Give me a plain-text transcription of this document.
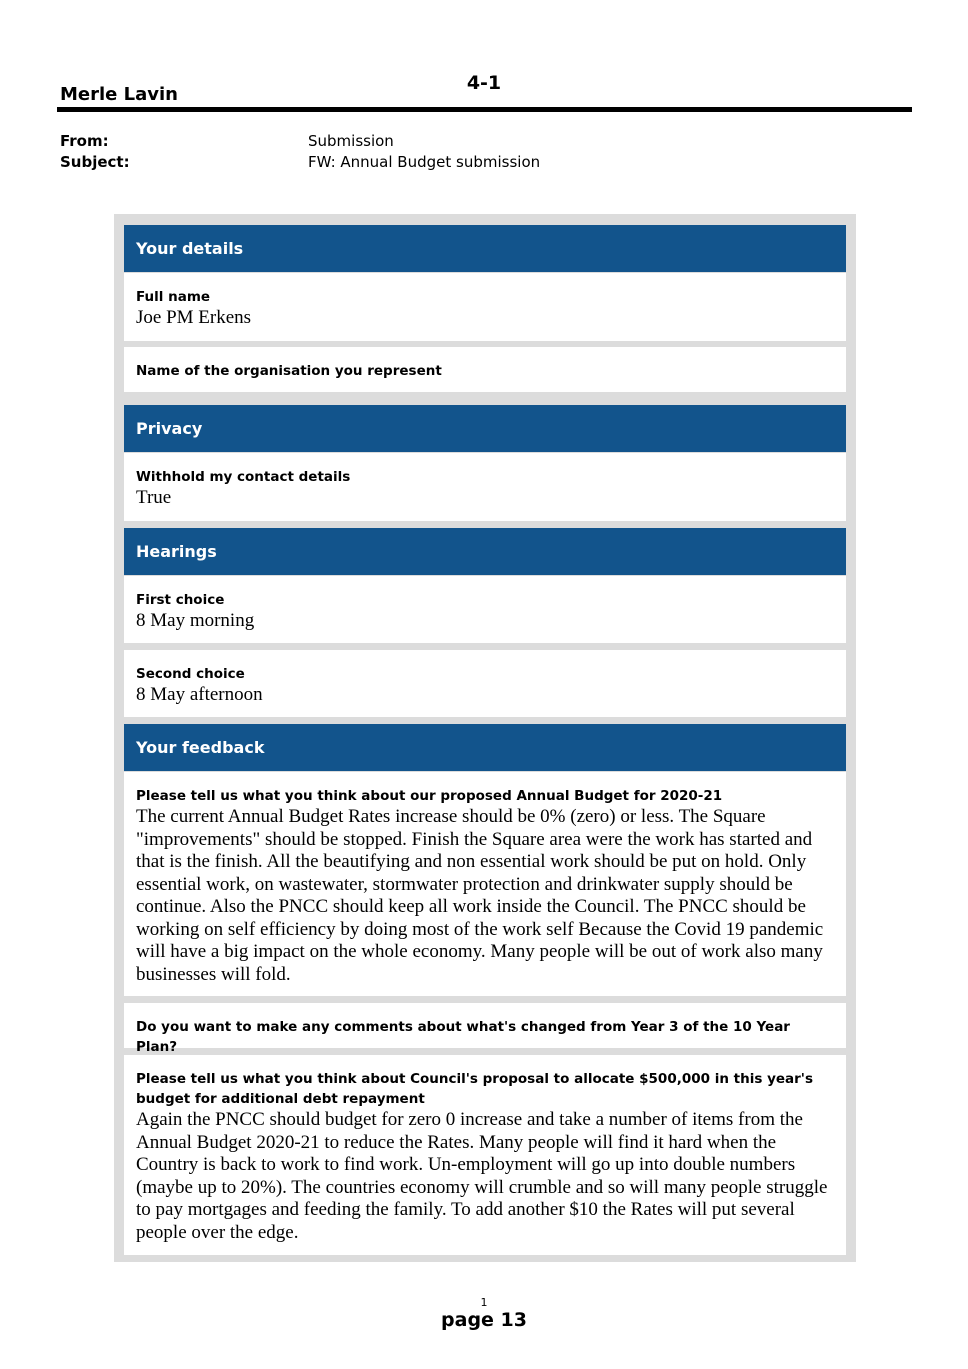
4-1
Merle Lavin
From:	Submission
Subject:	FW: Annual Budget submission
Your details
Full name
Joe PM Erkens
Name of the organisation you represent
Privacy
Withhold my contact details
True
Hearings
First choice
8 May morning
Second choice
8 May afternoon
Your feedback
Please tell us what you think about our proposed Annual Budget for 2020-21
The current Annual Budget Rates increase should be 0% (zero) or less. The Square "improvements" should be stopped. Finish the Square area were the work has started and that is the finish. All the beautifying and non essential work should be put on hold. Only essential work, on wastewater, stormwater protection and drinkwater supply should be continue. Also the PNCC should keep all work inside the Council. The PNCC should be working on self efficiency by doing most of the work self Because the Covid 19 pandemic will have a big impact on the whole economy. Many people will be out of work also many businesses will fold.
Do you want to make any comments about what's changed from Year 3 of the 10 Year Plan?
Please tell us what you think about Council's proposal to allocate $500,000 in this year's budget for additional debt repayment
Again the PNCC should budget for zero 0 increase and take a number of items from the Annual Budget 2020-21 to reduce the Rates. Many people will find it hard when the Country is back to work to find work. Un-employment will go up into double numbers (maybe up to 20%). The countries economy will crumble and so will many people struggle to pay mortgages and feeding the family. To add another $10 the Rates will put several people over the edge.
1
page 13
